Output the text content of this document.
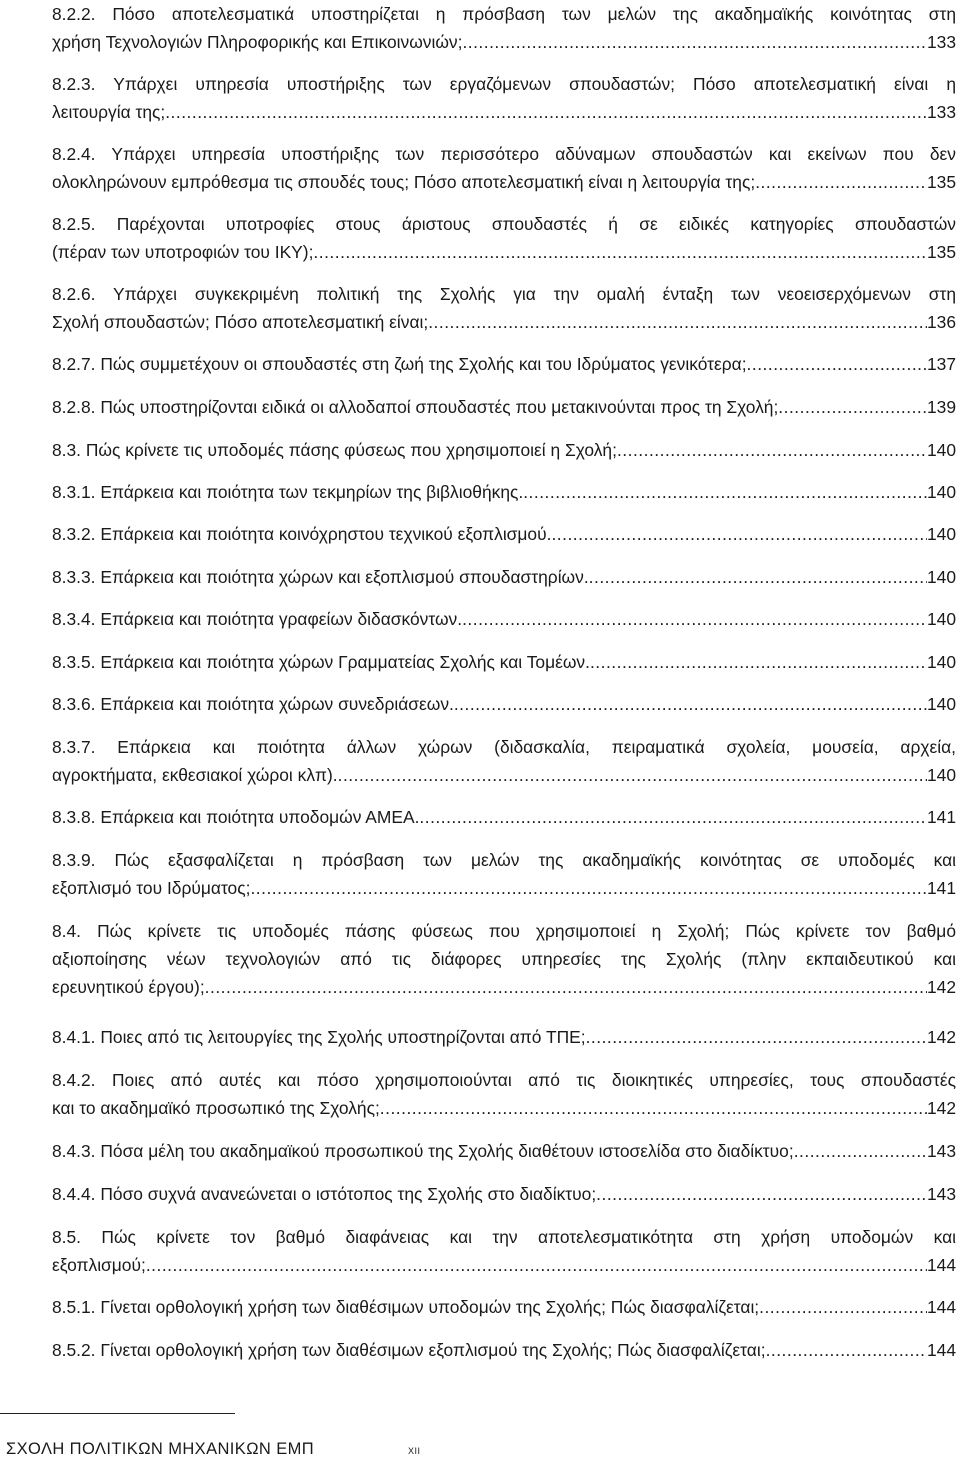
8.2.2. Πόσο αποτελεσματικά υποστηρίζεται η πρόσβαση των μελών της ακαδημαϊκής κοινότητας στη
χρήση Τεχνολογιών Πληροφορικής και Επικοινωνιών; .....	133
8.2.3. Υπάρχει υπηρεσία υποστήριξης των εργαζόμενων σπουδαστών; Πόσο αποτελεσματική είναι η
λειτουργία της; .....	133
8.2.4. Υπάρχει υπηρεσία υποστήριξης των περισσότερο αδύναμων σπουδαστών και εκείνων που δεν
ολοκληρώνουν εμπρόθεσμα τις σπουδές τους; Πόσο αποτελεσματική είναι η λειτουργία της; .....	135
8.2.5. Παρέχονται υποτροφίες στους άριστους σπουδαστές ή σε ειδικές κατηγορίες σπουδαστών
(πέραν των υποτροφιών του ΙΚΥ); .....	135
8.2.6. Υπάρχει συγκεκριμένη πολιτική της Σχολής για την ομαλή ένταξη των νεοεισερχόμενων στη
Σχολή σπουδαστών; Πόσο αποτελεσματική είναι; .....	136
8.2.7. Πώς συμμετέχουν οι σπουδαστές στη ζωή της Σχολής και του Ιδρύματος γενικότερα; .....	137
8.2.8. Πώς υποστηρίζονται ειδικά οι αλλοδαποί σπουδαστές που μετακινούνται προς τη Σχολή; .....	139
8.3. Πώς κρίνετε τις υποδομές πάσης φύσεως που χρησιμοποιεί η Σχολή; .....	140
8.3.1. Επάρκεια και ποιότητα των τεκμηρίων της βιβλιοθήκης. .....	140
8.3.2. Επάρκεια και ποιότητα κοινόχρηστου τεχνικού εξοπλισμού. .....	140
8.3.3. Επάρκεια και ποιότητα χώρων και εξοπλισμού σπουδαστηρίων. .....	140
8.3.4. Επάρκεια και ποιότητα γραφείων διδασκόντων. .....	140
8.3.5. Επάρκεια και ποιότητα χώρων Γραμματείας Σχολής και Τομέων. .....	140
8.3.6. Επάρκεια και ποιότητα χώρων συνεδριάσεων. .....	140
8.3.7. Επάρκεια και ποιότητα άλλων χώρων (διδασκαλία, πειραματικά σχολεία, μουσεία, αρχεία,
αγροκτήματα, εκθεσιακοί χώροι κλπ). .....	140
8.3.8. Επάρκεια και ποιότητα υποδομών ΑΜΕΑ. .....	141
8.3.9. Πώς εξασφαλίζεται η πρόσβαση των μελών της ακαδημαϊκής κοινότητας σε υποδομές και
εξοπλισμό του Ιδρύματος; .....	141
8.4. Πώς κρίνετε τις υποδομές πάσης φύσεως που χρησιμοποιεί η Σχολή; Πώς κρίνετε τον βαθμό
αξιοποίησης νέων τεχνολογιών από τις διάφορες υπηρεσίες της Σχολής (πλην εκπαιδευτικού και
ερευνητικού έργου); .....	142
8.4.1. Ποιες από τις λειτουργίες της Σχολής υποστηρίζονται από ΤΠΕ; .....	142
8.4.2. Ποιες από αυτές και πόσο χρησιμοποιούνται από τις διοικητικές υπηρεσίες, τους σπουδαστές
και το ακαδημαϊκό προσωπικό της Σχολής; .....	142
8.4.3. Πόσα μέλη του ακαδημαϊκού προσωπικού της Σχολής διαθέτουν ιστοσελίδα στο διαδίκτυο; .....	143
8.4.4. Πόσο συχνά ανανεώνεται ο ιστότοπος της Σχολής στο διαδίκτυο; .....	143
8.5. Πώς κρίνετε τον βαθμό διαφάνειας και την αποτελεσματικότητα στη χρήση υποδομών και
εξοπλισμού; .....	144
8.5.1. Γίνεται ορθολογική χρήση των διαθέσιμων υποδομών της Σχολής; Πώς διασφαλίζεται; .....	144
8.5.2. Γίνεται ορθολογική χρήση των διαθέσιμων εξοπλισμού της Σχολής; Πώς διασφαλίζεται; .....	144
ΣΧΟΛΗ ΠΟΛΙΤΙΚΩΝ ΜΗΧΑΝΙΚΩΝ ΕΜΠ	XII
